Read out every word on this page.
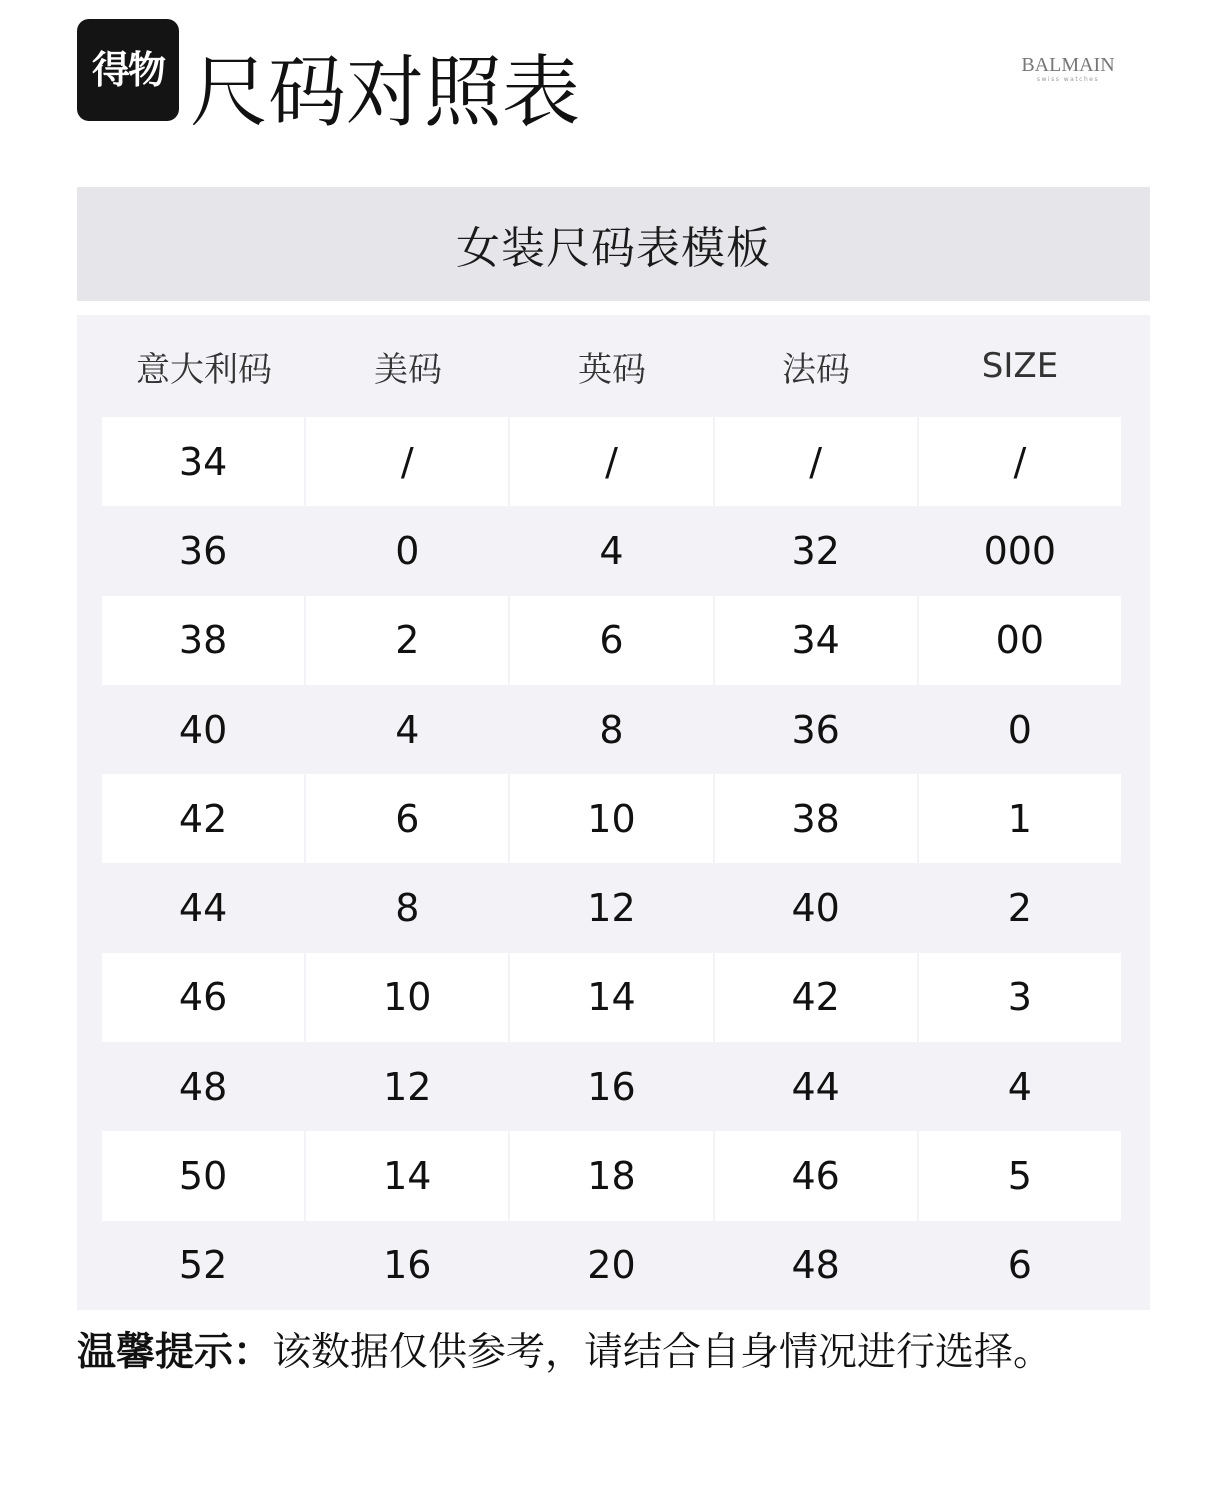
得物 尺码对照表	BALMAIN
swiss watches
女装尺码表模板
意大利码	美码	英码	法码	SIZE
34	/	/	/	/
36	0	4	32	000
38	2	6	34	00
40	4	8	36	0
42	6	10	38	1
44	8	12	40	2
46	10	14	42	3
48	12	16	44	4
50	14	18	46	5
52	16	20	48	6
温馨提示：该数据仅供参考，请结合自身情况进行选择。
